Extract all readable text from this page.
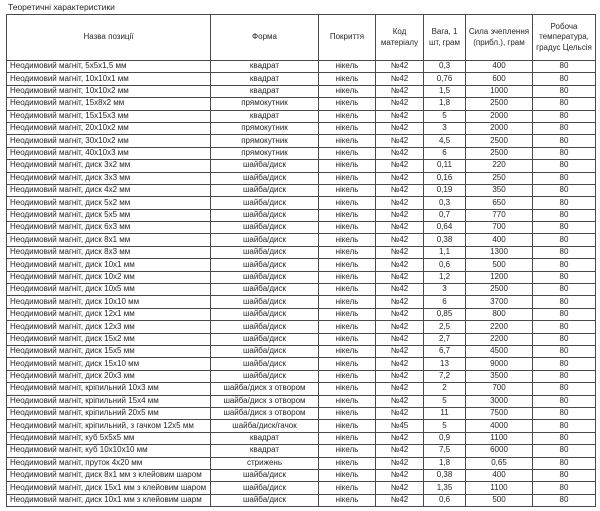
Теоретичні характеристики
Назва позиції	Форма	Покриття	Код матеріалу	Вага, 1 шт, грам	Сила зчеплення (прибл.), грам	Робоча температура, градус Цельсія
Неодимовий магніт, 5х5х1,5 мм	квадрат	нікель	№42	0,3	400	80
Неодимовий магніт, 10х10х1 мм	квадрат	нікель	№42	0,76	600	80
Неодимовий магніт, 10х10х2 мм	квадрат	нікель	№42	1,5	1000	80
Неодимовий магніт, 15х8х2 мм	прямокутник	нікель	№42	1,8	2500	80
Неодимовий магніт, 15х15х3 мм	квадрат	нікель	№42	5	2000	80
Неодимовий магніт, 20х10х2 мм	прямокутник	нікель	№42	3	2000	80
Неодимовий магніт, 30х10х2 мм	прямокутник	нікель	№42	4,5	2500	80
Неодимовий магніт, 40х10х3 мм	прямокутник	нікель	№42	6	2500	80
Неодимовий магніт, диск 3х2 мм	шайба/диск	нікель	№42	0,11	220	80
Неодимовий магніт, диск 3х3 мм	шайба/диск	нікель	№42	0,16	250	80
Неодимовий магніт, диск 4х2 мм	шайба/диск	нікель	№42	0,19	350	80
Неодимовий магніт, диск 5х2 мм	шайба/диск	нікель	№42	0,3	650	80
Неодимовий магніт, диск 5х5 мм	шайба/диск	нікель	№42	0,7	770	80
Неодимовий магніт, диск 6х3 мм	шайба/диск	нікель	№42	0,64	700	80
Неодимовий магніт, диск 8х1 мм	шайба/диск	нікель	№42	0,38	400	80
Неодимовий магніт, диск 8х3 мм	шайба/диск	нікель	№42	1,1	1300	80
Неодимовий магніт, диск 10х1 мм	шайба/диск	нікель	№42	0,6	500	80
Неодимовий магніт, диск 10х2 мм	шайба/диск	нікель	№42	1,2	1200	80
Неодимовий магніт, диск 10х5 мм	шайба/диск	нікель	№42	3	2500	80
Неодимовий магніт, диск 10х10 мм	шайба/диск	нікель	№42	6	3700	80
Неодимовий магніт, диск 12х1 мм	шайба/диск	нікель	№42	0,85	800	80
Неодимовий магніт, диск 12х3 мм	шайба/диск	нікель	№42	2,5	2200	80
Неодимовий магніт, диск 15х2 мм	шайба/диск	нікель	№42	2,7	2200	80
Неодимовий магніт, диск 15х5 мм	шайба/диск	нікель	№42	6,7	4500	80
Неодимовий магніт, диск 15х10 мм	шайба/диск	нікель	№42	13	9000	80
Неодимовий магніт, диск 20х3 мм	шайба/диск	нікель	№42	7,2	3500	80
Неодимовий магніт, кріпильний 10х3 мм	шайба/диск з отвором	нікель	№42	2	700	80
Неодимовий магніт, кріпильний 15х4 мм	шайба/диск з отвором	нікель	№42	5	3000	80
Неодимовий магніт, кріпильний 20х5 мм	шайба/диск з отвором	нікель	№42	11	7500	80
Неодимовий магніт, кріпильний, з гачком 12х5 мм	шайба/диск/гачок	нікель	№45	5	4000	80
Неодимовий магніт, куб 5х5х5 мм	квадрат	нікель	№42	0,9	1100	80
Неодимовий магніт, куб 10х10х10 мм	квадрат	нікель	№42	7,5	6000	80
Неодимовий магніт, пруток 4х20 мм	стрижень	нікель	№42	1,8	0,65	80
Неодимовий магніт, диск 8х1 мм з клейовим шаром	шайба/диск	нікель	№42	0,38	400	80
Неодимовий магніт, диск 15х1 мм з клейовим шаром	шайба/диск	нікель	№42	1,35	1100	80
Неодимовий магніт, диск 10х1 мм з клейовим шарм	шайба/диск	нікель	№42	0,6	500	80
